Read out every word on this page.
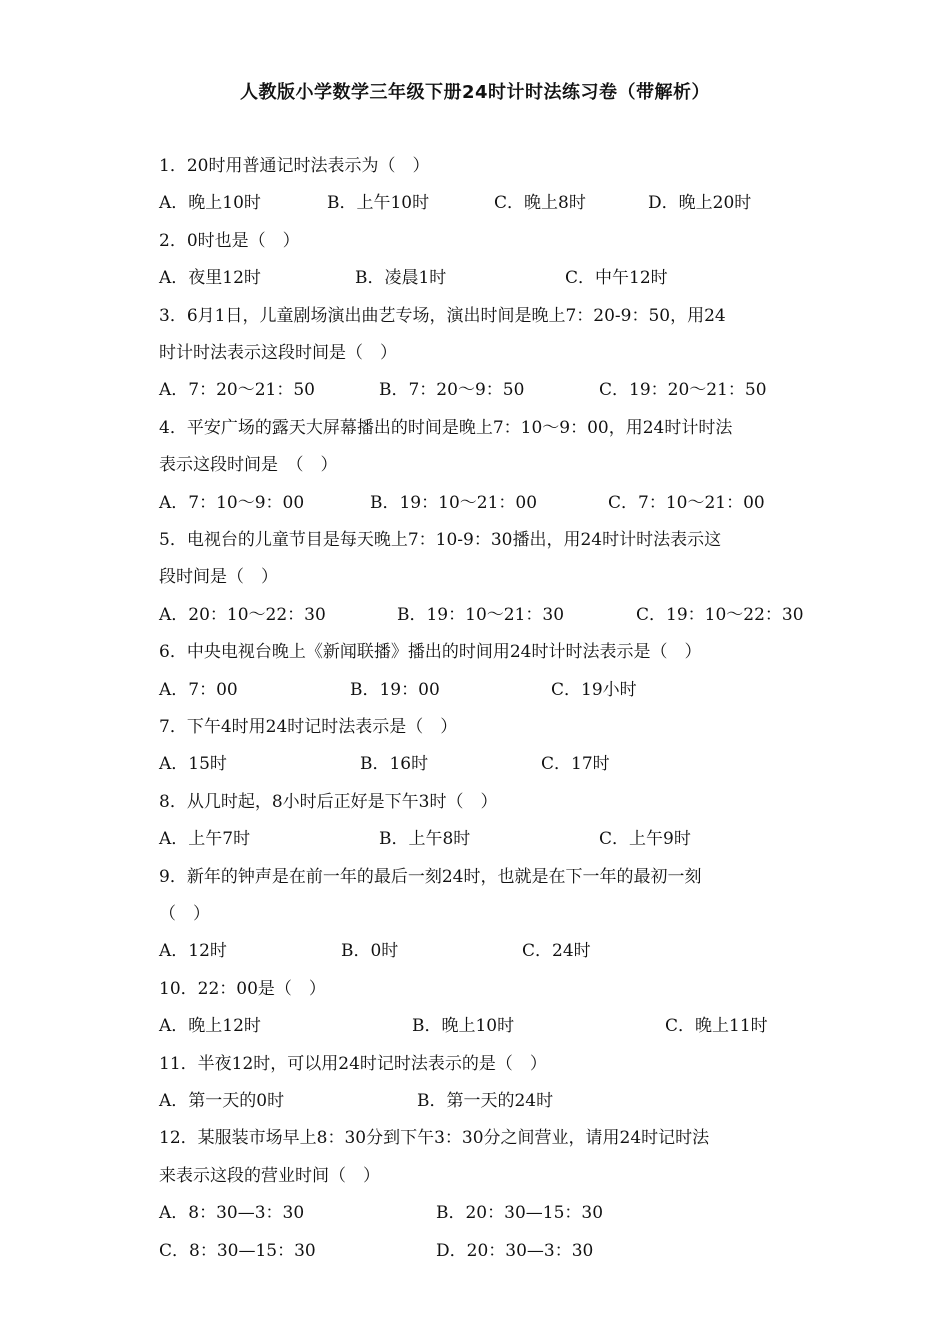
人教版小学数学三年级下册24时计时法练习卷（带解析）
1．20时用普通记时法表示为（　）
A．晚上10时	B．上午10时	C．晚上8时	D．晚上20时
2．0时也是（　）
A．夜里12时	B．凌晨1时	C．中午12时
3．6月1日，儿童剧场演出曲艺专场，演出时间是晚上7：20-9：50，用24
时计时法表示这段时间是（　）
A．7：20～21：50	B．7：20～9：50	C．19：20～21：50
4．平安广场的露天大屏幕播出的时间是晚上7：10～9：00，用24时计时法
表示这段时间是　（　）
A．7：10～9：00	B．19：10～21：00	C．7：10～21：00
5．电视台的儿童节目是每天晚上7：10-9：30播出，用24时计时法表示这
段时间是（　）
A．20：10～22：30	B．19：10～21：30	C．19：10～22：30
6．中央电视台晚上《新闻联播》播出的时间用24时计时法表示是（　）
A．7：00	B．19：00	C．19小时
7．下午4时用24时记时法表示是（　）
A．15时	B．16时	C．17时
8．从几时起，8小时后正好是下午3时（　）
A．上午7时	B．上午8时	C．上午9时
9．新年的钟声是在前一年的最后一刻24时，也就是在下一年的最初一刻
（　）
A．12时	B．0时	C．24时
10．22：00是（　）
A．晚上12时	B．晚上10时	C．晚上11时
11．半夜12时，可以用24时记时法表示的是（　）
A．第一天的0时	B．第一天的24时
12．某服装市场早上8：30分到下午3：30分之间营业，请用24时记时法
来表示这段的营业时间（　）
A．8：30—3：30	B．20：30—15：30
C．8：30—15：30	D．20：30—3：30
